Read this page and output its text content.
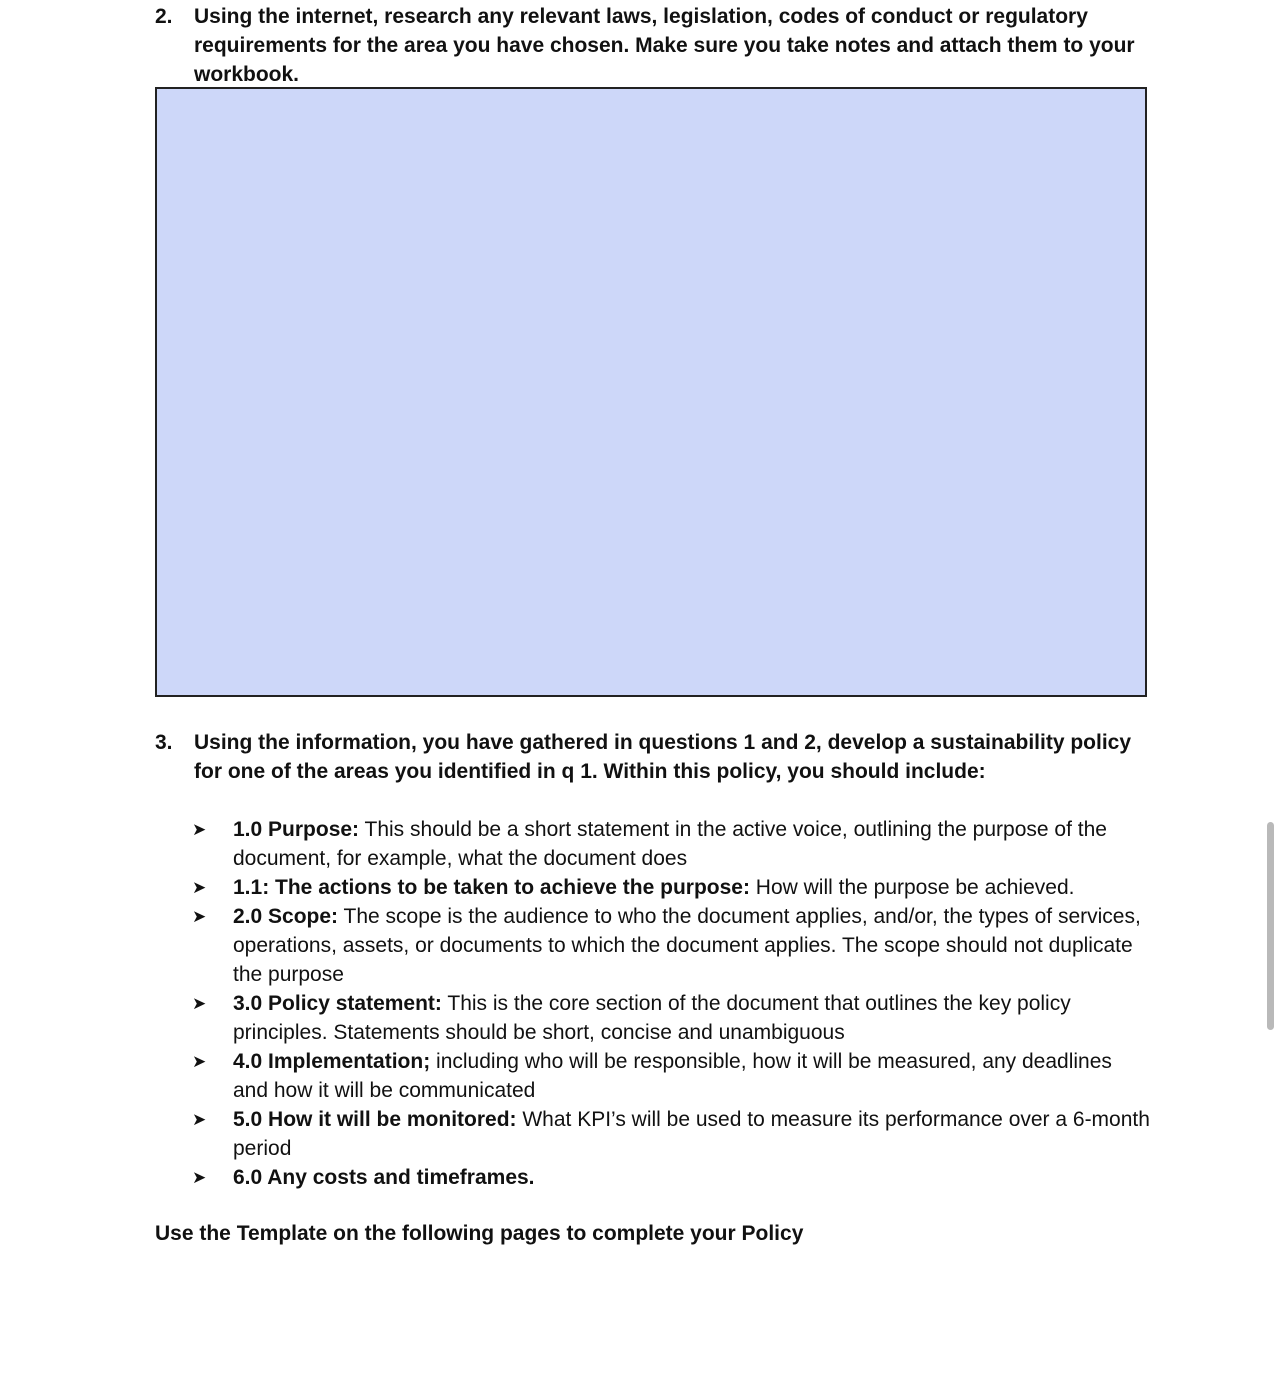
2.	Using the internet, research any relevant laws, legislation, codes of conduct or regulatory requirements for the area you have chosen. Make sure you take notes and attach them to your workbook.
3.	Using the information, you have gathered in questions 1 and 2, develop a sustainability policy for one of the areas you identified in q 1. Within this policy, you should include:
➤	1.0 Purpose: This should be a short statement in the active voice, outlining the purpose of the document, for example, what the document does
➤	1.1: The actions to be taken to achieve the purpose: How will the purpose be achieved.
➤	2.0 Scope: The scope is the audience to who the document applies, and/or, the types of services, operations, assets, or documents to which the document applies. The scope should not duplicate the purpose
➤	3.0 Policy statement: This is the core section of the document that outlines the key policy principles. Statements should be short, concise and unambiguous
➤	4.0 Implementation; including who will be responsible, how it will be measured, any deadlines and how it will be communicated
➤	5.0 How it will be monitored: What KPI’s will be used to measure its performance over a 6-month period
➤	6.0 Any costs and timeframes.
Use the Template on the following pages to complete your Policy
